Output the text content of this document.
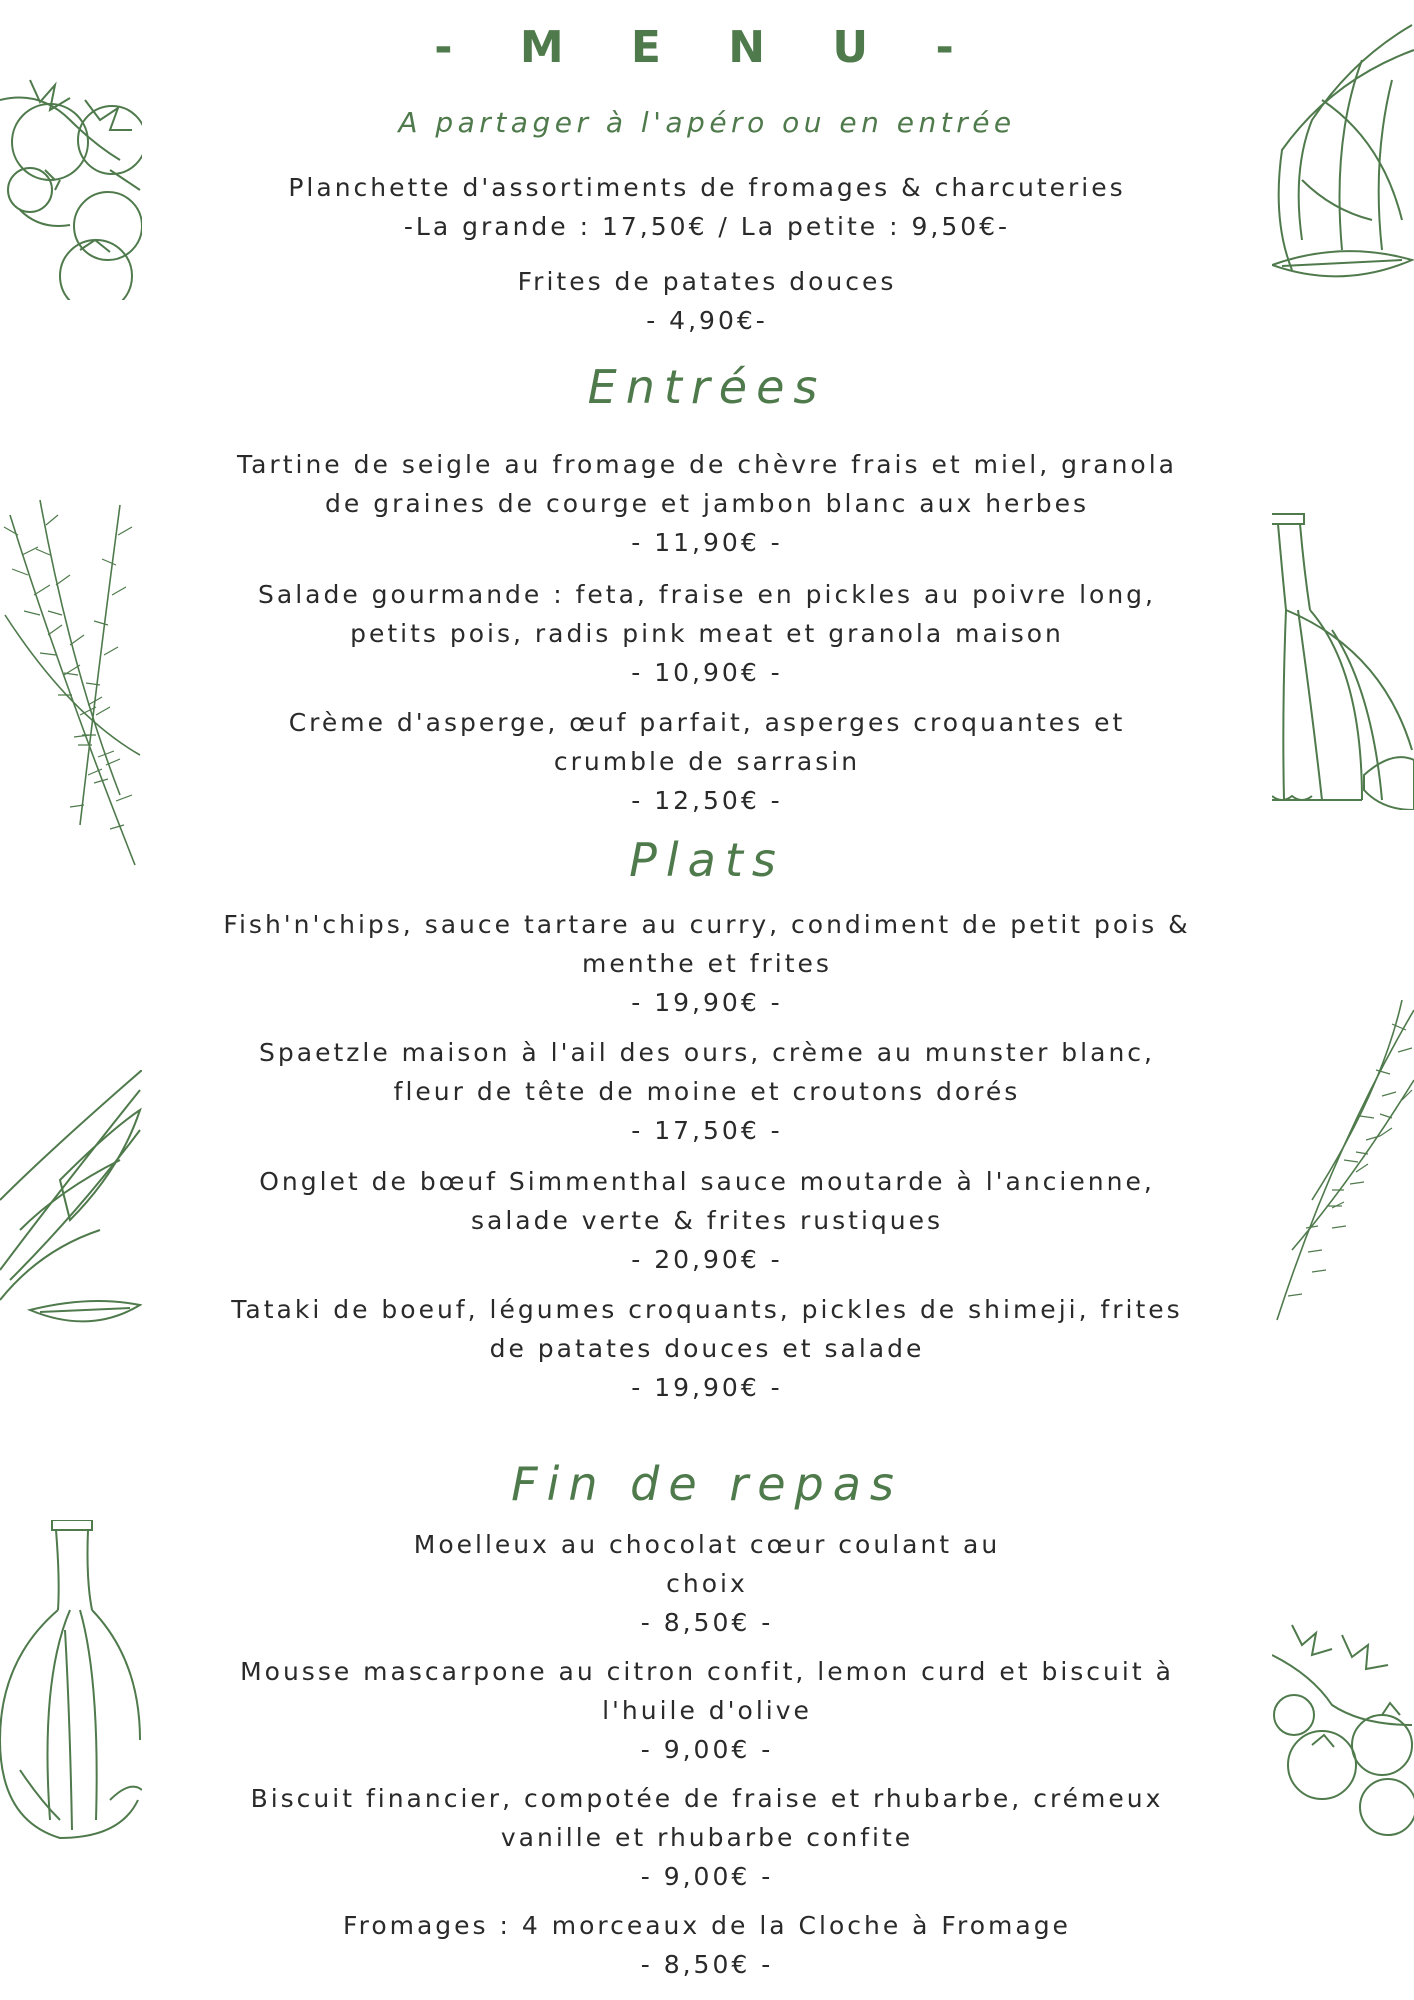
- M E N U -
A partager à l'apéro ou en entrée
Planchette d'assortiments de fromages & charcuteries
-La grande : 17,50€ / La petite : 9,50€-
Frites de patates douces
- 4,90€-
Entrées
Tartine de seigle au fromage de chèvre frais et miel, granola
de graines de courge et jambon blanc aux herbes
- 11,90€ -
Salade gourmande : feta, fraise en pickles au poivre long,
petits pois, radis pink meat et granola maison
- 10,90€ -
Crème d'asperge, œuf parfait, asperges croquantes et
crumble de sarrasin
- 12,50€ -
Plats
Fish'n'chips, sauce tartare au curry, condiment de petit pois &
menthe et frites
- 19,90€ -
Spaetzle maison à l'ail des ours, crème au munster blanc,
fleur de tête de moine et croutons dorés
- 17,50€ -
Onglet de bœuf Simmenthal sauce moutarde à l'ancienne,
salade verte & frites rustiques
- 20,90€ -
Tataki de boeuf, légumes croquants, pickles de shimeji, frites
de patates douces et salade
- 19,90€ -
Fin de repas
Moelleux au chocolat cœur coulant au
choix
- 8,50€ -
Mousse mascarpone au citron confit, lemon curd et biscuit à
l'huile d'olive
- 9,00€ -
Biscuit financier, compotée de fraise et rhubarbe, crémeux
vanille et rhubarbe confite
- 9,00€ -
Fromages : 4 morceaux de la Cloche à Fromage
- 8,50€ -
